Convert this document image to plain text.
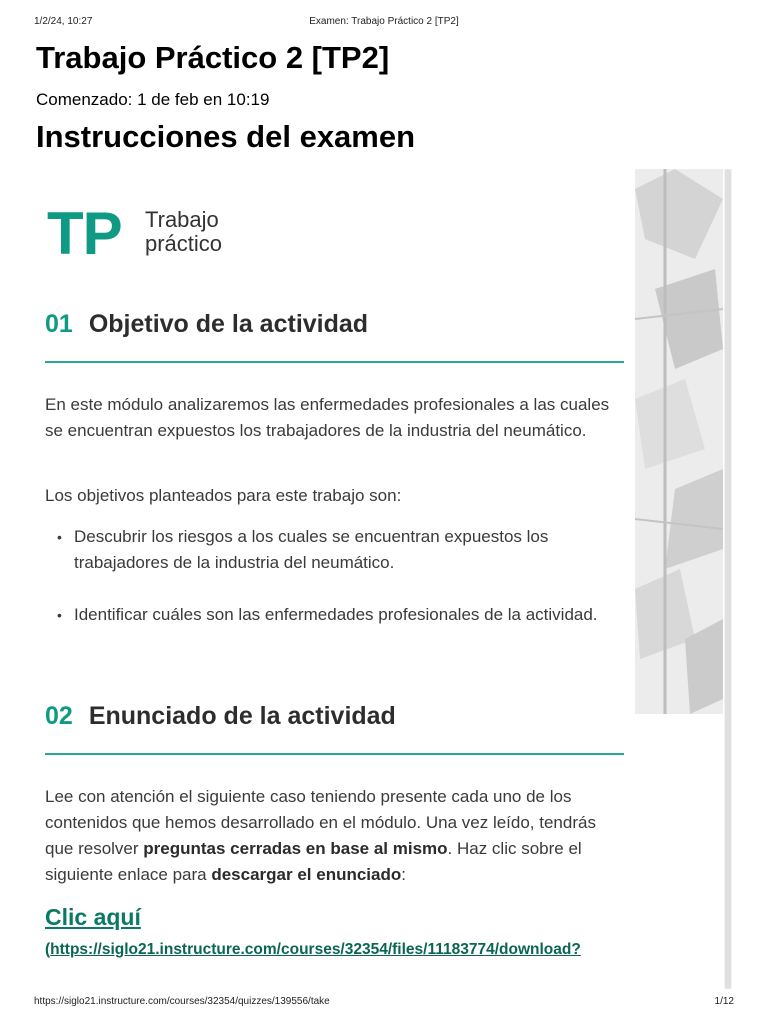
1/2/24, 10:27	Examen: Trabajo Práctico 2 [TP2]
Trabajo Práctico 2 [TP2]
Comenzado: 1 de feb en 10:19
Instrucciones del examen
TP Trabajo
práctico
01 Objetivo de la actividad

En este módulo analizaremos las enfermedades profesionales a las cuales se encuentran expuestos los trabajadores de la industria del neumático.

Los objetivos planteados para este trabajo son:

• Descubrir los riesgos a los cuales se encuentran expuestos los trabajadores de la industria del neumático.
• Identificar cuáles son las enfermedades profesionales de la actividad.
02 Enunciado de la actividad

Lee con atención el siguiente caso teniendo presente cada uno de los contenidos que hemos desarrollado en el módulo. Una vez leído, tendrás que resolver preguntas cerradas en base al mismo. Haz clic sobre el siguiente enlace para descargar el enunciado:

Clic aquí
(https://siglo21.instructure.com/courses/32354/files/11183774/download?
https://siglo21.instructure.com/courses/32354/quizzes/139556/take	1/12
